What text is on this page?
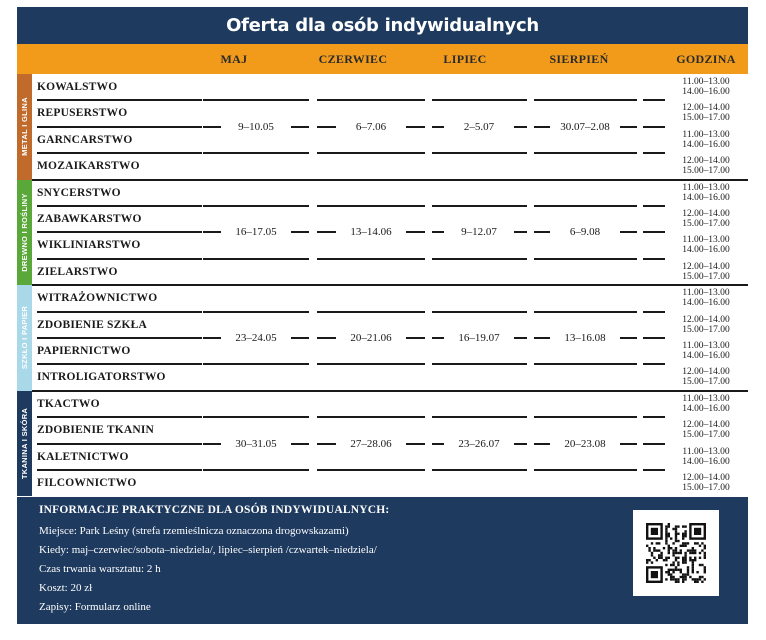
Oferta dla osób indywidualnych
MAJ	CZERWIEC	LIPIEC	SIERPIEŃ	GODZINA
METAL I GLINA
KOWALSTWO	11.00–13.00
14.00–16.00
REPUSERSTWO	12.00–14.00
15.00–17.00
GARNCARSTWO	11.00–13.00
14.00–16.00
MOZAIKARSTWO	12.00–14.00
15.00–17.00
9–10.05	6–7.06	2–5.07	30.07–2.08
DREWNO I ROŚLINY
SNYCERSTWO	11.00–13.00
14.00–16.00
ZABAWKARSTWO	12.00–14.00
15.00–17.00
WIKLINIARSTWO	11.00–13.00
14.00–16.00
ZIELARSTWO	12.00–14.00
15.00–17.00
16–17.05	13–14.06	9–12.07	6–9.08
SZKŁO I PAPIER
WITRAŻOWNICTWO	11.00–13.00
14.00–16.00
ZDOBIENIE SZKŁA	12.00–14.00
15.00–17.00
PAPIERNICTWO	11.00–13.00
14.00–16.00
INTROLIGATORSTWO	12.00–14.00
15.00–17.00
23–24.05	20–21.06	16–19.07	13–16.08
TKANINA I SKÓRA
TKACTWO	11.00–13.00
14.00–16.00
ZDOBIENIE TKANIN	12.00–14.00
15.00–17.00
KALETNICTWO	11.00–13.00
14.00–16.00
FILCOWNICTWO	12.00–14.00
15.00–17.00
30–31.05	27–28.06	23–26.07	20–23.08
INFORMACJE PRAKTYCZNE DLA OSÓB INDYWIDUALNYCH:
Miejsce: Park Leśny (strefa rzemieślnicza oznaczona drogowskazami)
Kiedy: maj–czerwiec/sobota–niedziela/, lipiec–sierpień /czwartek–niedziela/
Czas trwania warsztatu: 2 h
Koszt: 20 zł
Zapisy: Formularz online
